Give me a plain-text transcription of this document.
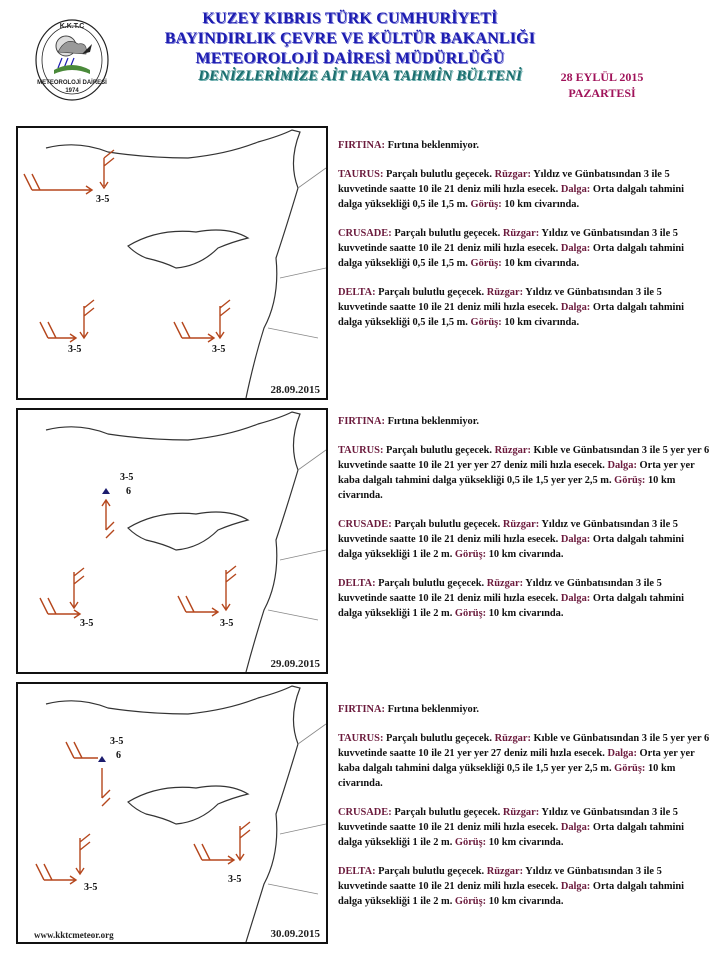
K.K.T.C
METEOROLOJİ DAİRESİ
1974
KUZEY KIBRIS TÜRK CUMHURİYETİ
BAYINDIRLIK ÇEVRE VE KÜLTÜR BAKANLIĞI
METEOROLOJİ DAİRESİ MÜDÜRLÜĞÜ
DENİZLERİMİZE AİT HAVA TAHMİN BÜLTENİ	28 EYLÜL 2015
PAZARTESİ
3-5
3-5	3-5
28.09.2015

FIRTINA: Fırtına beklenmiyor.

TAURUS: Parçalı bulutlu geçecek. Rüzgar: Yıldız ve Günbatısından 3 ile 5 kuvvetinde saatte 10 ile 21 deniz mili hızla esecek. Dalga: Orta dalgalı tahmini dalga yüksekliği 0,5 ile 1,5 m. Görüş: 10 km civarında.

CRUSADE: Parçalı bulutlu geçecek. Rüzgar: Yıldız ve Günbatısından 3 ile 5 kuvvetinde saatte 10 ile 21 deniz mili hızla esecek. Dalga: Orta dalgalı tahmini dalga yüksekliği 0,5 ile 1,5 m. Görüş: 10 km civarında.

DELTA: Parçalı bulutlu geçecek. Rüzgar: Yıldız ve Günbatısından 3 ile 5 kuvvetinde saatte 10 ile 21 deniz mili hızla esecek. Dalga: Orta dalgalı tahmini dalga yüksekliği 0,5 ile 1,5 m. Görüş: 10 km civarında.

3-5
6
3-5	3-5
29.09.2015

FIRTINA: Fırtına beklenmiyor.

TAURUS: Parçalı bulutlu geçecek. Rüzgar: Kıble ve Günbatısından 3 ile 5 yer yer 6 kuvvetinde saatte 10 ile 21 yer yer 27 deniz mili hızla esecek. Dalga: Orta yer yer kaba dalgalı tahmini dalga yüksekliği 0,5 ile 1,5 yer yer 2,5 m. Görüş: 10 km civarında.

CRUSADE: Parçalı bulutlu geçecek. Rüzgar: Yıldız ve Günbatısından 3 ile 5 kuvvetinde saatte 10 ile 21 deniz mili hızla esecek. Dalga: Orta dalgalı tahmini dalga yüksekliği 1 ile 2 m. Görüş: 10 km civarında.

DELTA: Parçalı bulutlu geçecek. Rüzgar: Yıldız ve Günbatısından 3 ile 5 kuvvetinde saatte 10 ile 21 deniz mili hızla esecek. Dalga: Orta dalgalı tahmini dalga yüksekliği 1 ile 2 m. Görüş: 10 km civarında.

3-5
6
3-5
3-5
www.kktcmeteor.org	30.09.2015

FIRTINA: Fırtına beklenmiyor.

TAURUS: Parçalı bulutlu geçecek. Rüzgar: Kıble ve Günbatısından 3 ile 5 yer yer 6 kuvvetinde saatte 10 ile 21 yer yer 27 deniz mili hızla esecek. Dalga: Orta yer yer kaba dalgalı tahmini dalga yüksekliği 0,5 ile 1,5 yer yer 2,5 m. Görüş: 10 km civarında.

CRUSADE: Parçalı bulutlu geçecek. Rüzgar: Yıldız ve Günbatısından 3 ile 5 kuvvetinde saatte 10 ile 21 deniz mili hızla esecek. Dalga: Orta dalgalı tahmini dalga yüksekliği 1 ile 2 m. Görüş: 10 km civarında.

DELTA: Parçalı bulutlu geçecek. Rüzgar: Yıldız ve Günbatısından 3 ile 5 kuvvetinde saatte 10 ile 21 deniz mili hızla esecek. Dalga: Orta dalgalı tahmini dalga yüksekliği 1 ile 2 m. Görüş: 10 km civarında.
